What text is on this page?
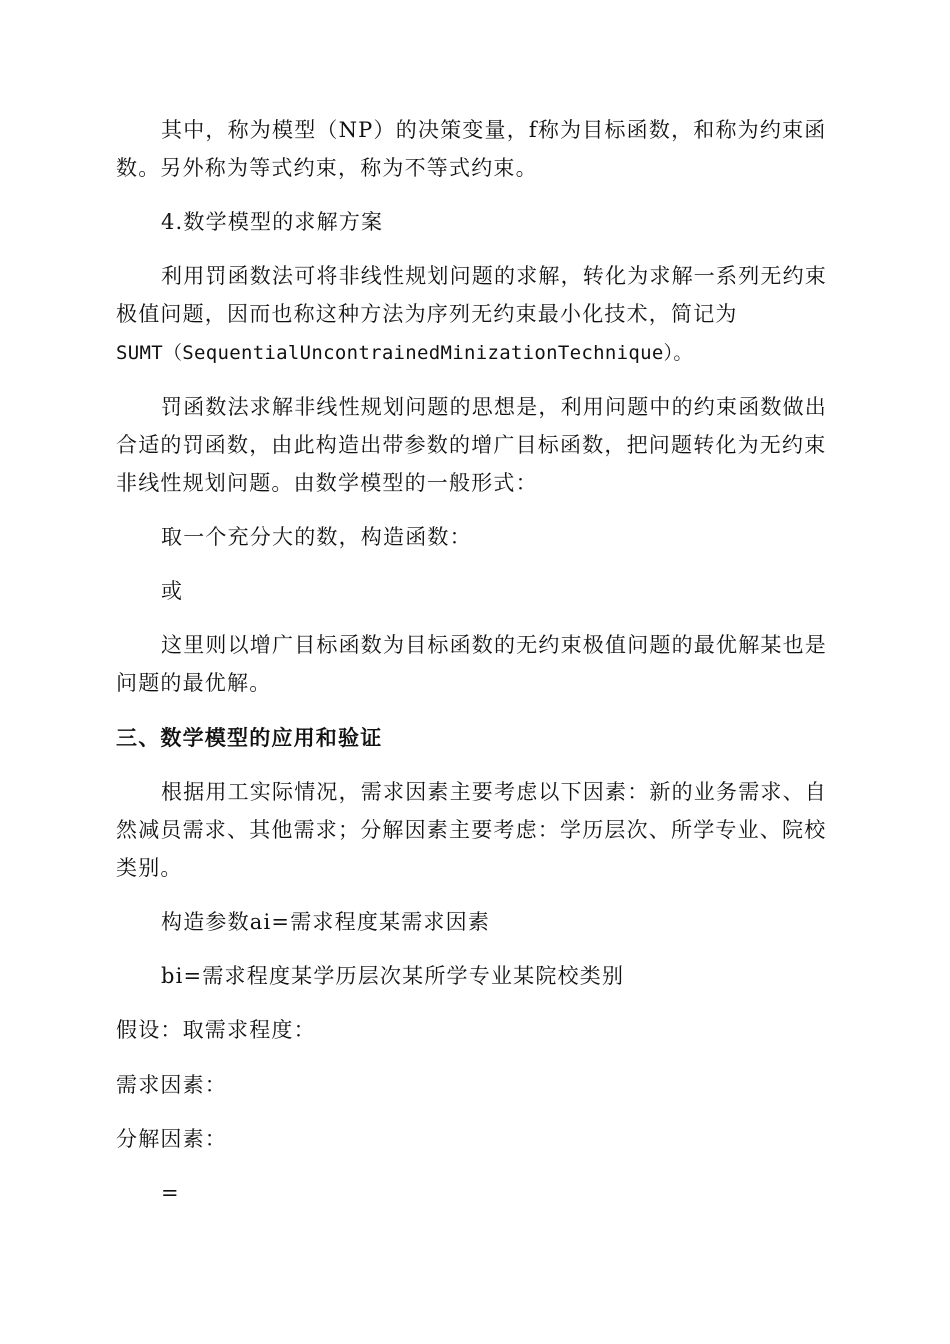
其中，称为模型（NP）的决策变量，f称为目标函数，和称为约束函
数。另外称为等式约束，称为不等式约束。
4.数学模型的求解方案
利用罚函数法可将非线性规划问题的求解，转化为求解一系列无约束
极值问题，因而也称这种方法为序列无约束最小化技术，简记为
SUMT（SequentialUncontrainedMinizationTechnique）。
罚函数法求解非线性规划问题的思想是，利用问题中的约束函数做出
合适的罚函数，由此构造出带参数的增广目标函数，把问题转化为无约束
非线性规划问题。由数学模型的一般形式：
取一个充分大的数，构造函数：
或
这里则以增广目标函数为目标函数的无约束极值问题的最优解某也是
问题的最优解。
三、数学模型的应用和验证
根据用工实际情况，需求因素主要考虑以下因素：新的业务需求、自
然减员需求、其他需求；分解因素主要考虑：学历层次、所学专业、院校
类别。
构造参数ai=需求程度某需求因素
bi=需求程度某学历层次某所学专业某院校类别
假设：取需求程度：
需求因素：
分解因素：
=
